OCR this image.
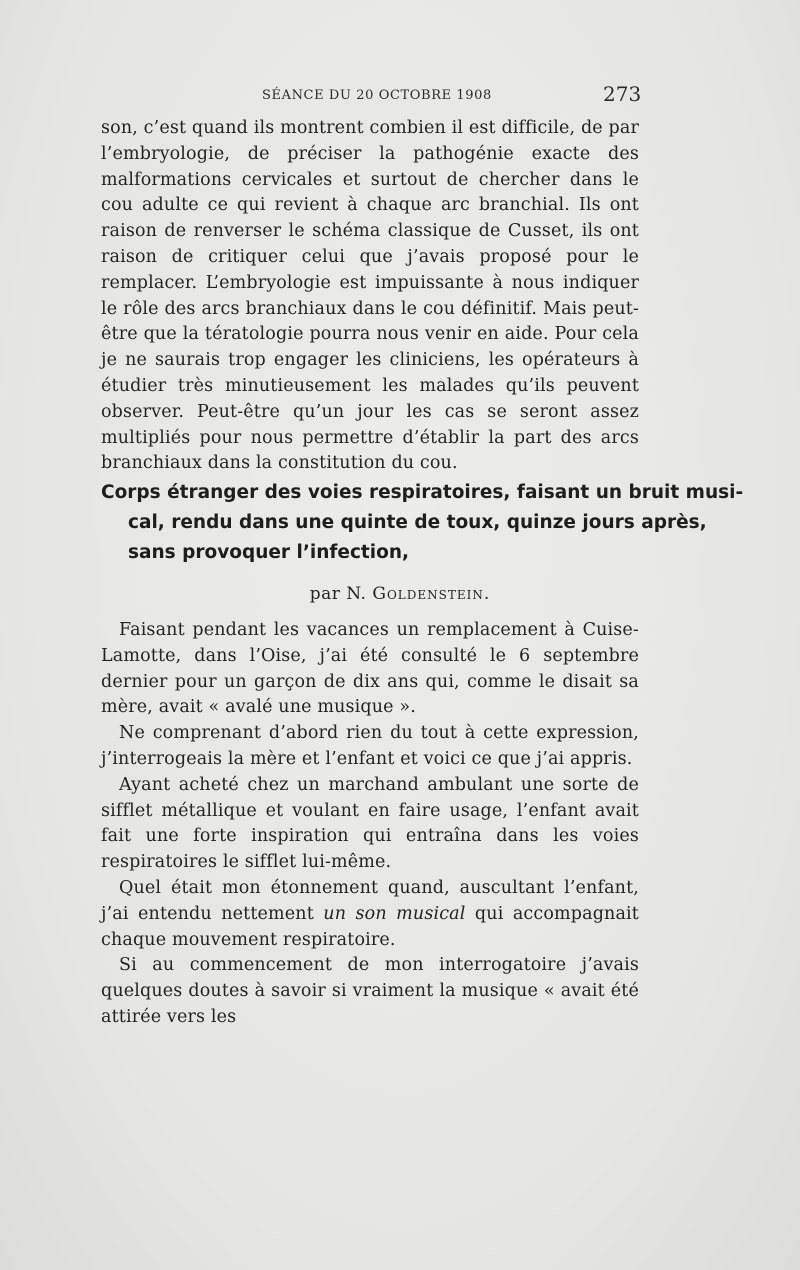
SÉANCE DU 20 OCTOBRE 1908	273

son, c’est quand ils montrent combien il est difficile, de par l’embryologie, de préciser la pathogénie exacte des malformations cervicales et surtout de chercher dans le cou adulte ce qui revient à chaque arc branchial. Ils ont raison de renverser le schéma classique de Cusset, ils ont raison de critiquer celui que j’avais proposé pour le remplacer. L’embryologie est impuissante à nous indiquer le rôle des arcs branchiaux dans le cou définitif. Mais peut-être que la tératologie pourra nous venir en aide. Pour cela je ne saurais trop engager les cliniciens, les opérateurs à étudier très minutieusement les malades qu’ils peuvent observer. Peut-être qu’un jour les cas se seront assez multipliés pour nous permettre d’établir la part des arcs branchiaux dans la constitution du cou.

Corps étranger des voies respiratoires, faisant un bruit musi-
cal, rendu dans une quinte de toux, quinze jours après,
sans provoquer l’infection,
par N. Goldenstein.

Faisant pendant les vacances un remplacement à Cuise-Lamotte, dans l’Oise, j’ai été consulté le 6 septembre dernier pour un garçon de dix ans qui, comme le disait sa mère, avait « avalé une musique ».

Ne comprenant d’abord rien du tout à cette expression, j’interrogeais la mère et l’enfant et voici ce que j’ai appris.

Ayant acheté chez un marchand ambulant une sorte de sifflet métallique et voulant en faire usage, l’enfant avait fait une forte inspiration qui entraîna dans les voies respiratoires le sifflet lui-même.

Quel était mon étonnement quand, auscultant l’enfant, j’ai entendu nettement un son musical qui accompagnait chaque mouvement respiratoire.

Si au commencement de mon interrogatoire j’avais quelques doutes à savoir si vraiment la musique « avait été attirée vers les
